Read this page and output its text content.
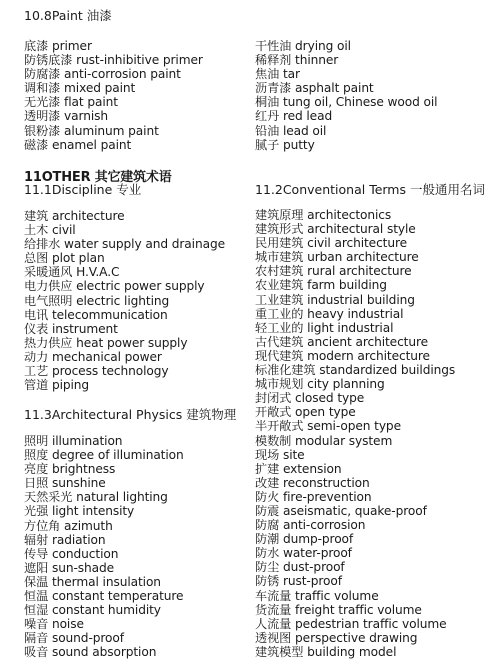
10.8Paint 油漆
底漆 primer
防锈底漆 rust-inhibitive primer
防腐漆 anti-corrosion paint
调和漆 mixed paint
无光漆 flat paint
透明漆 varnish
银粉漆 aluminum paint
磁漆 enamel paint
干性油 drying oil
稀释剂 thinner
焦油 tar
沥青漆 asphalt paint
桐油 tung oil, Chinese wood oil
红丹 red lead
铅油 lead oil
腻子 putty
11OTHER 其它建筑术语
11.1Discipline 专业	11.2Conventional Terms 一般通用名词
建筑 architecture
土木 civil
给排水 water supply and drainage
总图 plot plan
采暖通风 H.V.A.C
电力供应 electric power supply
电气照明 electric lighting
电讯 telecommunication
仪表 instrument
热力供应 heat power supply
动力 mechanical power
工艺 process technology
管道 piping
11.3Architectural Physics 建筑物理
照明 illumination
照度 degree of illumination
亮度 brightness
日照 sunshine
天然采光 natural lighting
光强 light intensity
方位角 azimuth
辐射 radiation
传导 conduction
遮阳 sun-shade
保温 thermal insulation
恒温 constant temperature
恒湿 constant humidity
噪音 noise
隔音 sound-proof
吸音 sound absorption
建筑原理 architectonics
建筑形式 architectural style
民用建筑 civil architecture
城市建筑 urban architecture
农村建筑 rural architecture
农业建筑 farm building
工业建筑 industrial building
重工业的 heavy industrial
轻工业的 light industrial
古代建筑 ancient architecture
现代建筑 modern architecture
标准化建筑 standardized buildings
城市规划 city planning
封闭式 closed type
开敞式 open type
半开敞式 semi-open type
模数制 modular system
现场 site
扩建 extension
改建 reconstruction
防火 fire-prevention
防震 aseismatic, quake-proof
防腐 anti-corrosion
防潮 dump-proof
防水 water-proof
防尘 dust-proof
防锈 rust-proof
车流量 traffic volume
货流量 freight traffic volume
人流量 pedestrian traffic volume
透视图 perspective drawing
建筑模型 building model
